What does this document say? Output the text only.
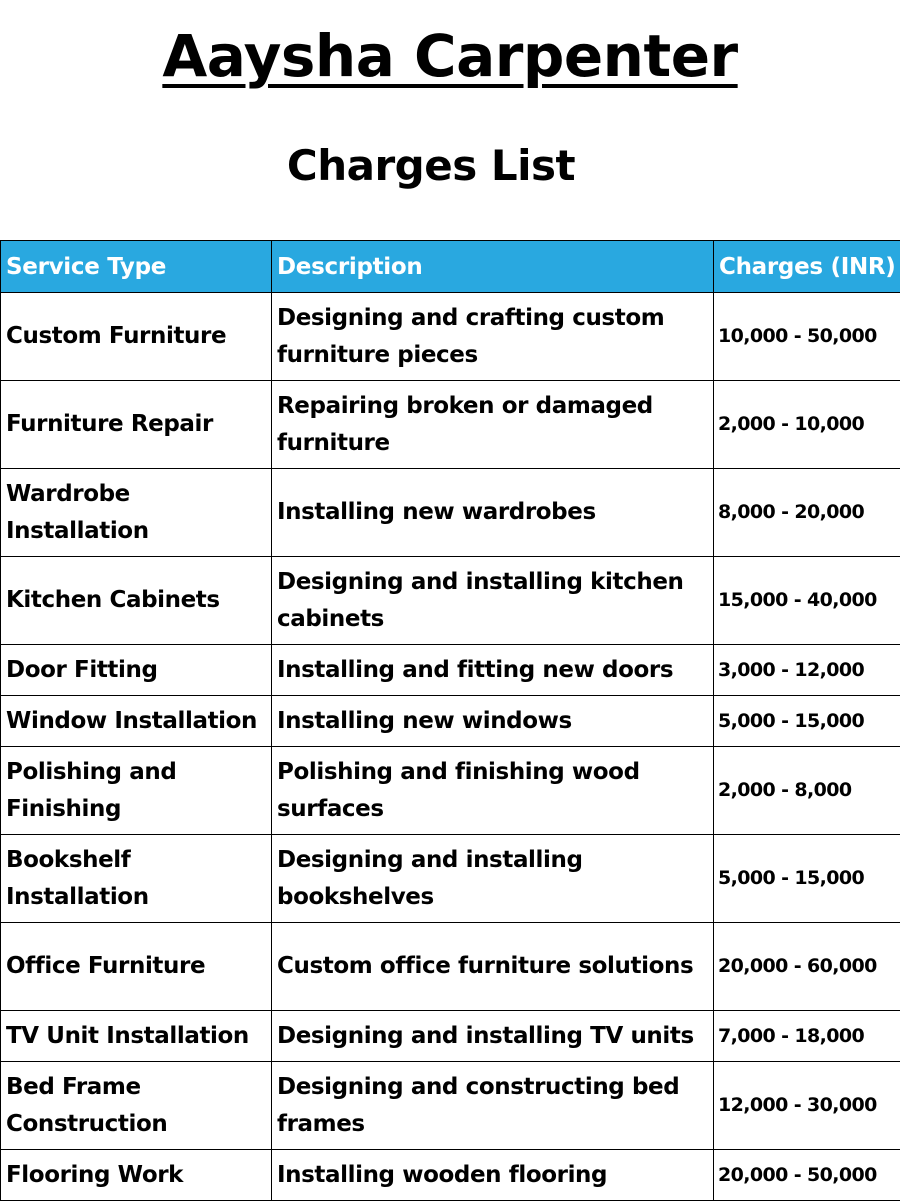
Aaysha Carpenter
Charges List
Service Type	Description	Charges (INR)
Custom Furniture	Designing and crafting custom furniture pieces	10,000 - 50,000
Furniture Repair	Repairing broken or damaged furniture	2,000 - 10,000
Wardrobe Installation	Installing new wardrobes	8,000 - 20,000
Kitchen Cabinets	Designing and installing kitchen cabinets	15,000 - 40,000
Door Fitting	Installing and fitting new doors	3,000 - 12,000
Window Installation	Installing new windows	5,000 - 15,000
Polishing and Finishing	Polishing and finishing wood surfaces	2,000 - 8,000
Bookshelf Installation	Designing and installing bookshelves	5,000 - 15,000
Office Furniture	Custom office furniture solutions	20,000 - 60,000
TV Unit Installation	Designing and installing TV units	7,000 - 18,000
Bed Frame Construction	Designing and constructing bed frames	12,000 - 30,000
Flooring Work	Installing wooden flooring	20,000 - 50,000
